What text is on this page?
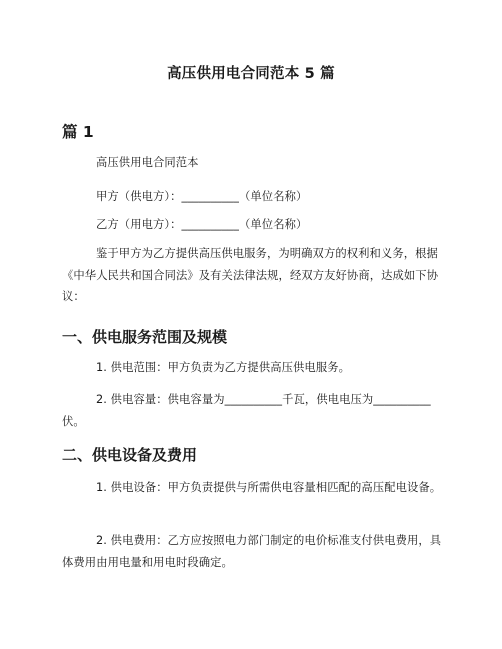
高压供用电合同范本 5 篇
篇 1

高压供用电合同范本

甲方（供电方）：__________（单位名称）

乙方（用电方）：__________（单位名称）

鉴于甲方为乙方提供高压供电服务，为明确双方的权利和义务，根据《中华人民共和国合同法》及有关法律法规，经双方友好协商，达成如下协议：

一、供电服务范围及规模

1. 供电范围：甲方负责为乙方提供高压供电服务。

2. 供电容量：供电容量为__________千瓦，供电电压为__________伏。

二、供电设备及费用

1. 供电设备：甲方负责提供与所需供电容量相匹配的高压配电设备。

2. 供电费用：乙方应按照电力部门制定的电价标准支付供电费用，具体费用由用电量和用电时段确定。
